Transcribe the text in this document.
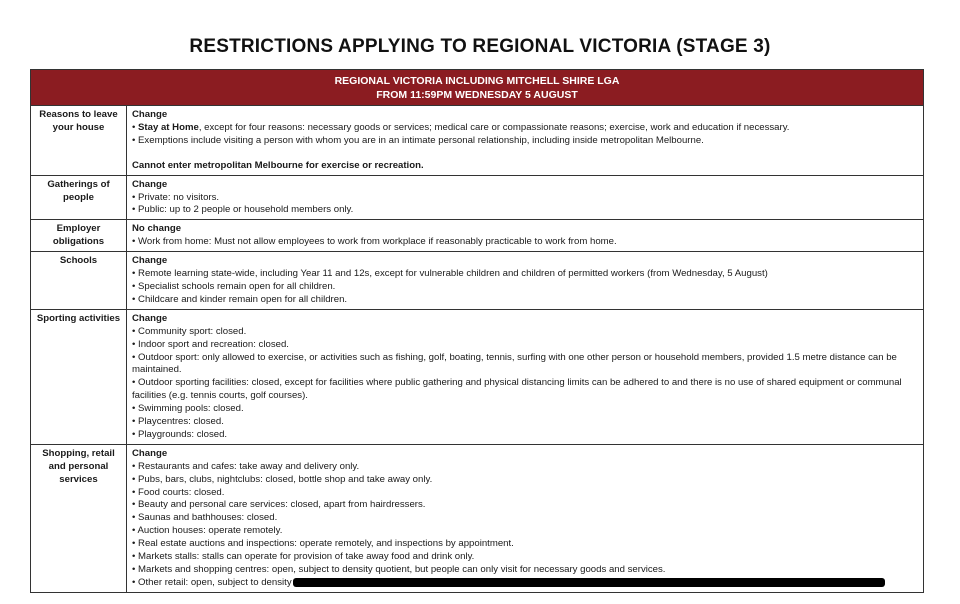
RESTRICTIONS APPLYING TO REGIONAL VICTORIA (STAGE 3)
REGIONAL VICTORIA INCLUDING MITCHELL SHIRE LGA
FROM 11:59PM WEDNESDAY 5 AUGUST
Reasons to leave your house
Change
• Stay at Home, except for four reasons: necessary goods or services; medical care or compassionate reasons; exercise, work and education if necessary.
• Exemptions include visiting a person with whom you are in an intimate personal relationship, including inside metropolitan Melbourne.
Cannot enter metropolitan Melbourne for exercise or recreation.
Gatherings of people
Change
• Private: no visitors.
• Public: up to 2 people or household members only.
Employer obligations
No change
• Work from home: Must not allow employees to work from workplace if reasonably practicable to work from home.
Schools	Change
• Remote learning state-wide, including Year 11 and 12s, except for vulnerable children and children of permitted workers (from Wednesday, 5 August)
• Specialist schools remain open for all children.
• Childcare and kinder remain open for all children.
Sporting activities	Change
• Community sport: closed.
• Indoor sport and recreation: closed.
• Outdoor sport: only allowed to exercise, or activities such as fishing, golf, boating, tennis, surfing with one other person or household members, provided 1.5 metre distance can be maintained.
• Outdoor sporting facilities: closed, except for facilities where public gathering and physical distancing limits can be adhered to and there is no use of shared equipment or communal facilities (e.g. tennis courts, golf courses).
• Swimming pools: closed.
• Playcentres: closed.
• Playgrounds: closed.
Shopping, retail and personal services
Change
• Restaurants and cafes: take away and delivery only.
• Pubs, bars, clubs, nightclubs: closed, bottle shop and take away only.
• Food courts: closed.
• Beauty and personal care services: closed, apart from hairdressers.
• Saunas and bathhouses: closed.
• Auction houses: operate remotely.
• Real estate auctions and inspections: operate remotely, and inspections by appointment.
• Markets stalls: stalls can operate for provision of take away food and drink only.
• Markets and shopping centres: open, subject to density quotient, but people can only visit for necessary goods and services.
• Other retail: open, subject to density
